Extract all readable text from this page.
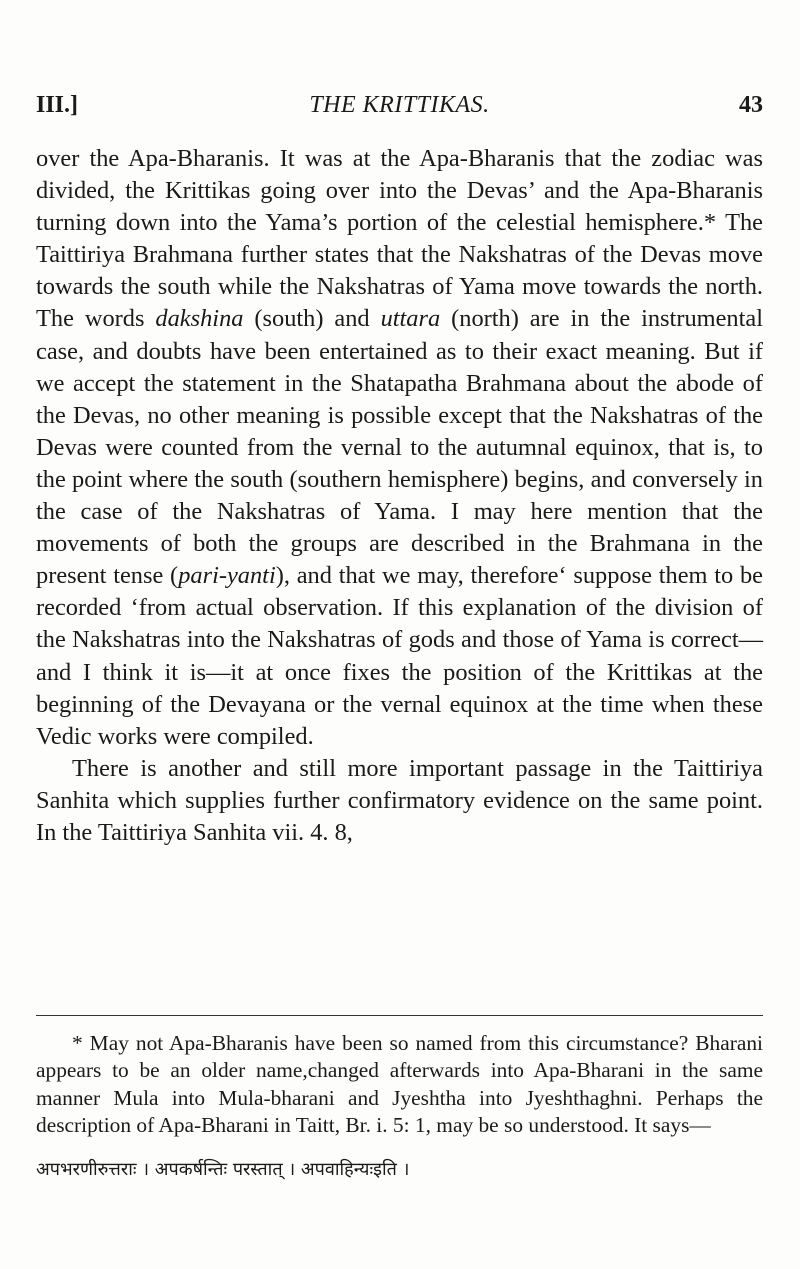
III.]	THE KRITTIKAS.	43

over the Apa-Bharanis. It was at the Apa-Bharanis that the zodiac was divided, the Krittikas going over into the Devas’ and the Apa-Bharanis turning down into the Yama’s portion of the celestial hemisphere.* The Taittiriya Brahmana further states that the Nakshatras of the Devas move towards the south while the Nakshatras of Yama move towards the north. The words dakshina (south) and uttara (north) are in the instrumental case, and doubts have been entertained as to their exact meaning. But if we accept the statement in the Shatapatha Brahmana about the abode of the Devas, no other meaning is possible except that the Nakshatras of the Devas were counted from the vernal to the autumnal equinox, that is, to the point where the south (southern hemisphere) begins, and conversely in the case of the Nakshatras of Yama. I may here mention that the movements of both the groups are described in the Brahmana in the present tense (pari-yanti), and that we may, therefore‘ suppose them to be recorded ‘from actual observation. If this explanation of the division of the Nakshatras into the Nakshatras of gods and those of Yama is correct—and I think it is—it at once fixes the position of the Krittikas at the beginning of the Devayana or the vernal equinox at the time when these Vedic works were compiled.

There is another and still more important passage in the Taittiriya Sanhita which supplies further confirmatory evidence on the same point. In the Taittiriya Sanhita vii. 4. 8,

* May not Apa-Bharanis have been so named from this circumstance? Bharani appears to be an older name,changed afterwards into Apa-Bharani in the same manner Mula into Mula-bharani and Jyeshtha into Jyeshthaghni. Perhaps the description of Apa-Bharani in Taitt, Br. i. 5: 1, may be so understood. It says—

अपभरणीरुत्तराः । अपकर्षन्तिः परस्तात् । अपवाहिन्यःइति ।
